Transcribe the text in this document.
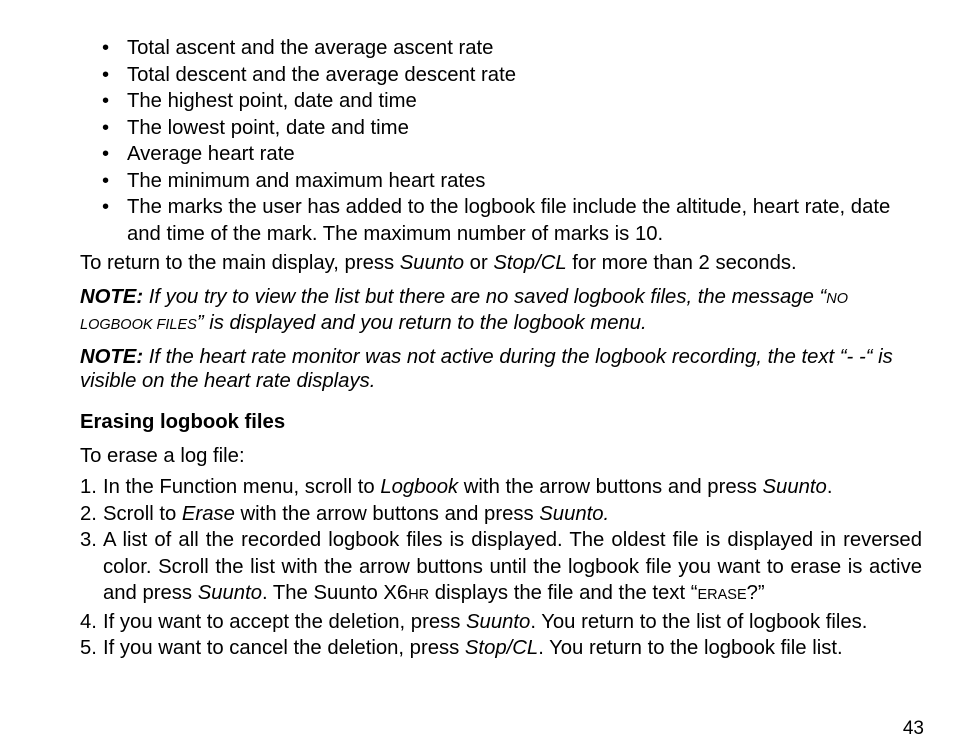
• Total ascent and the average ascent rate
• Total descent and the average descent rate
• The highest point, date and time
• The lowest point, date and time
• Average heart rate
• The minimum and maximum heart rates
• The marks the user has added to the logbook file include the altitude, heart rate, date and time of the mark. The maximum number of marks is 10.

To return to the main display, press Suunto or Stop/CL for more than 2 seconds.

NOTE: If you try to view the list but there are no saved logbook files, the message “NO LOGBOOK FILES” is displayed and you return to the logbook menu.

NOTE: If the heart rate monitor was not active during the logbook recording, the text “- -“ is visible on the heart rate displays.

Erasing logbook files

To erase a log file:

1. In the Function menu, scroll to Logbook with the arrow buttons and press Suunto.
2. Scroll to Erase with the arrow buttons and press Suunto.
3. A list of all the recorded logbook files is displayed. The oldest file is displayed in reversed color. Scroll the list with the arrow buttons until the logbook file you want to erase is active and press Suunto. The Suunto X6HR displays the file and the text “ERASE?”
4. If you want to accept the deletion, press Suunto. You return to the list of logbook files.
5. If you want to cancel the deletion, press Stop/CL. You return to the logbook file list.
43
